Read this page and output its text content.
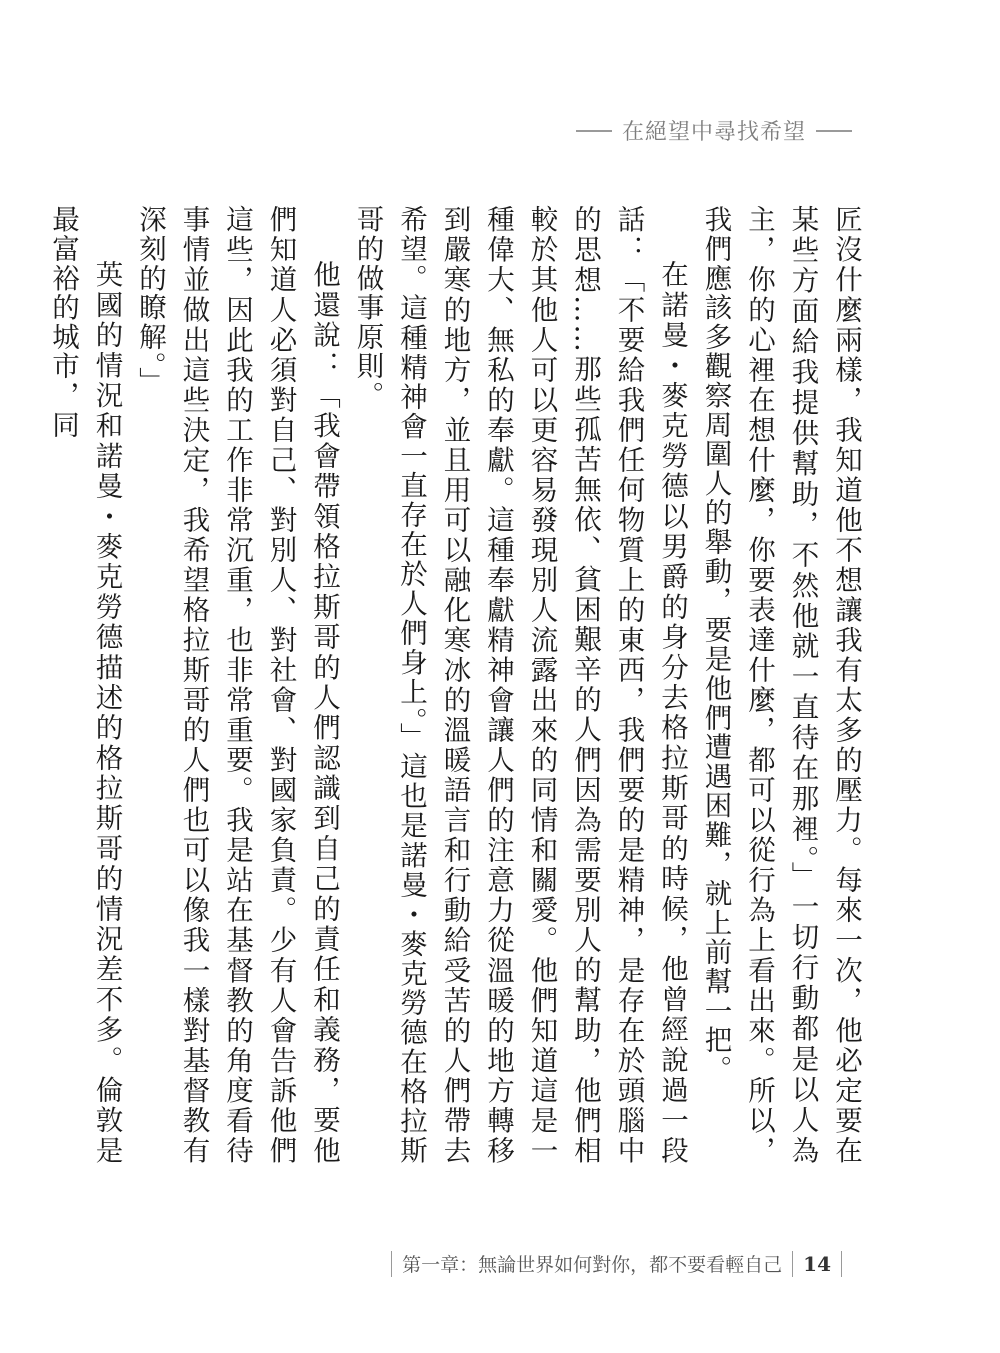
在絕望中尋找希望

匠沒什麼兩樣，我知道他不想讓我有太多的壓力。每來一次，他必定要在某些方面給我提供幫助，不然他就一直待在那裡。」一切行動都是以人為主，你的心裡在想什麼，你要表達什麼，都可以從行為上看出來。所以，我們應該多觀察周圍人的舉動，要是他們遭遇困難，就上前幫一把。

在諾曼・麥克勞德以男爵的身分去格拉斯哥的時候，他曾經說過一段話：「不要給我們任何物質上的東西，我們要的是精神，是存在於頭腦中的思想……那些孤苦無依、貧困艱辛的人們因為需要別人的幫助，他們相較於其他人可以更容易發現別人流露出來的同情和關愛。他們知道這是一種偉大、無私的奉獻。這種奉獻精神會讓人們的注意力從溫暖的地方轉移到嚴寒的地方，並且用可以融化寒冰的溫暖語言和行動給受苦的人們帶去希望。這種精神會一直存在於人們身上。」這也是諾曼・麥克勞德在格拉斯哥的做事原則。

他還說：「我會帶領格拉斯哥的人們認識到自己的責任和義務，要他們知道人必須對自己、對別人、對社會、對國家負責。少有人會告訴他們這些，因此我的工作非常沉重，也非常重要。我是站在基督教的角度看待事情並做出這些決定，我希望格拉斯哥的人們也可以像我一樣對基督教有深刻的瞭解。」

英國的情況和諾曼・麥克勞德描述的格拉斯哥的情況差不多。倫敦是最富裕的城市，同

第一章：無論世界如何對你，都不要看輕自己 14
